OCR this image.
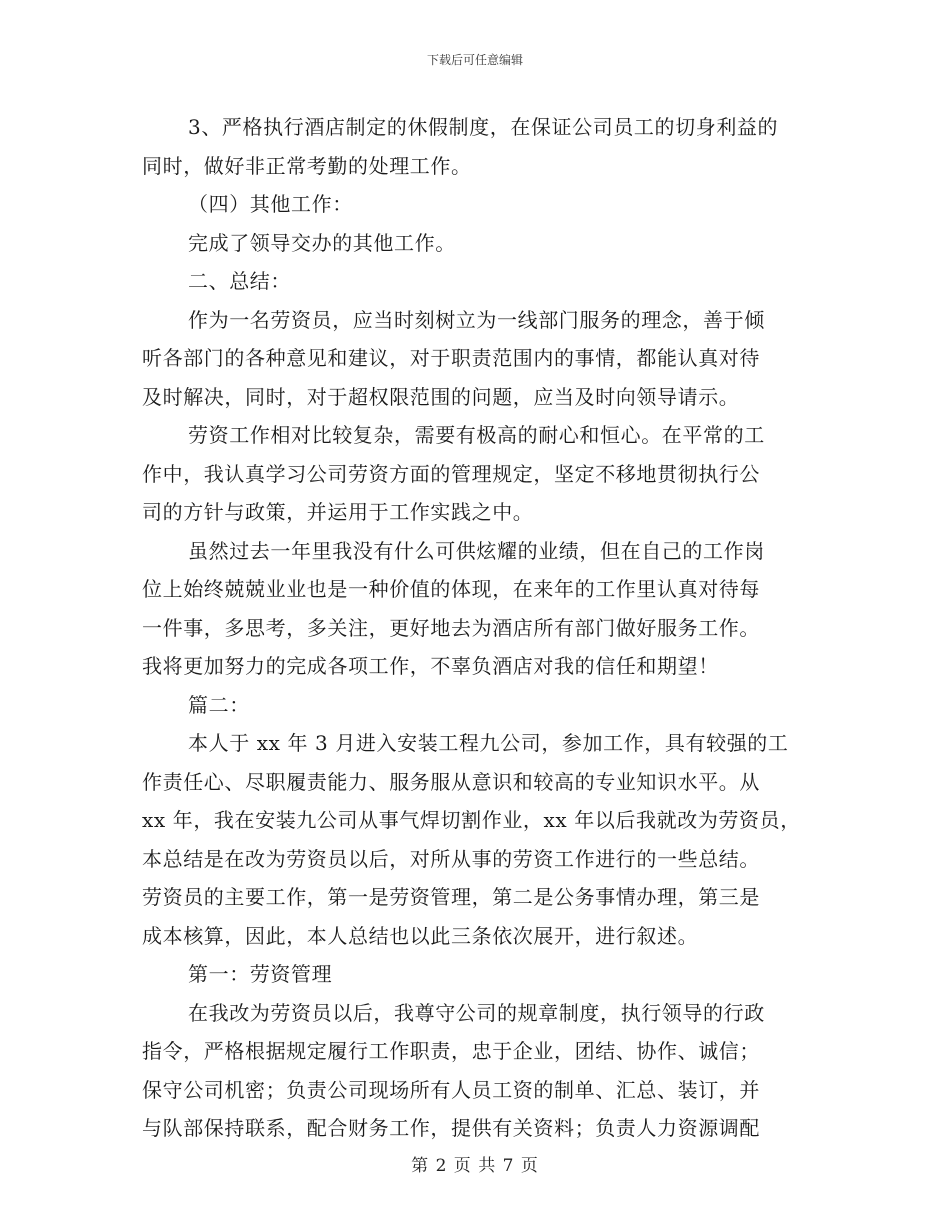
下载后可任意编辑
3、严格执行酒店制定的休假制度，在保证公司员工的切身利益的
同时，做好非正常考勤的处理工作。
（四）其他工作：
完成了领导交办的其他工作。
二、总结：
作为一名劳资员，应当时刻树立为一线部门服务的理念，善于倾
听各部门的各种意见和建议，对于职责范围内的事情，都能认真对待
及时解决，同时，对于超权限范围的问题，应当及时向领导请示。
劳资工作相对比较复杂，需要有极高的耐心和恒心。在平常的工
作中，我认真学习公司劳资方面的管理规定，坚定不移地贯彻执行公
司的方针与政策，并运用于工作实践之中。
虽然过去一年里我没有什么可供炫耀的业绩，但在自己的工作岗
位上始终兢兢业业也是一种价值的体现，在来年的工作里认真对待每
一件事，多思考，多关注，更好地去为酒店所有部门做好服务工作。
我将更加努力的完成各项工作，不辜负酒店对我的信任和期望！
篇二：
本人于 xx 年 3 月进入安装工程九公司，参加工作，具有较强的工
作责任心、尽职履责能力、服务服从意识和较高的专业知识水平。从
xx 年，我在安装九公司从事气焊切割作业，xx 年以后我就改为劳资员，
本总结是在改为劳资员以后，对所从事的劳资工作进行的一些总结。
劳资员的主要工作，第一是劳资管理，第二是公务事情办理，第三是
成本核算，因此，本人总结也以此三条依次展开，进行叙述。
第一：劳资管理
在我改为劳资员以后，我尊守公司的规章制度，执行领导的行政
指令，严格根据规定履行工作职责，忠于企业，团结、协作、诚信；
保守公司机密；负责公司现场所有人员工资的制单、汇总、装订，并
与队部保持联系，配合财务工作，提供有关资料；负责人力资源调配
第 2 页 共 7 页
